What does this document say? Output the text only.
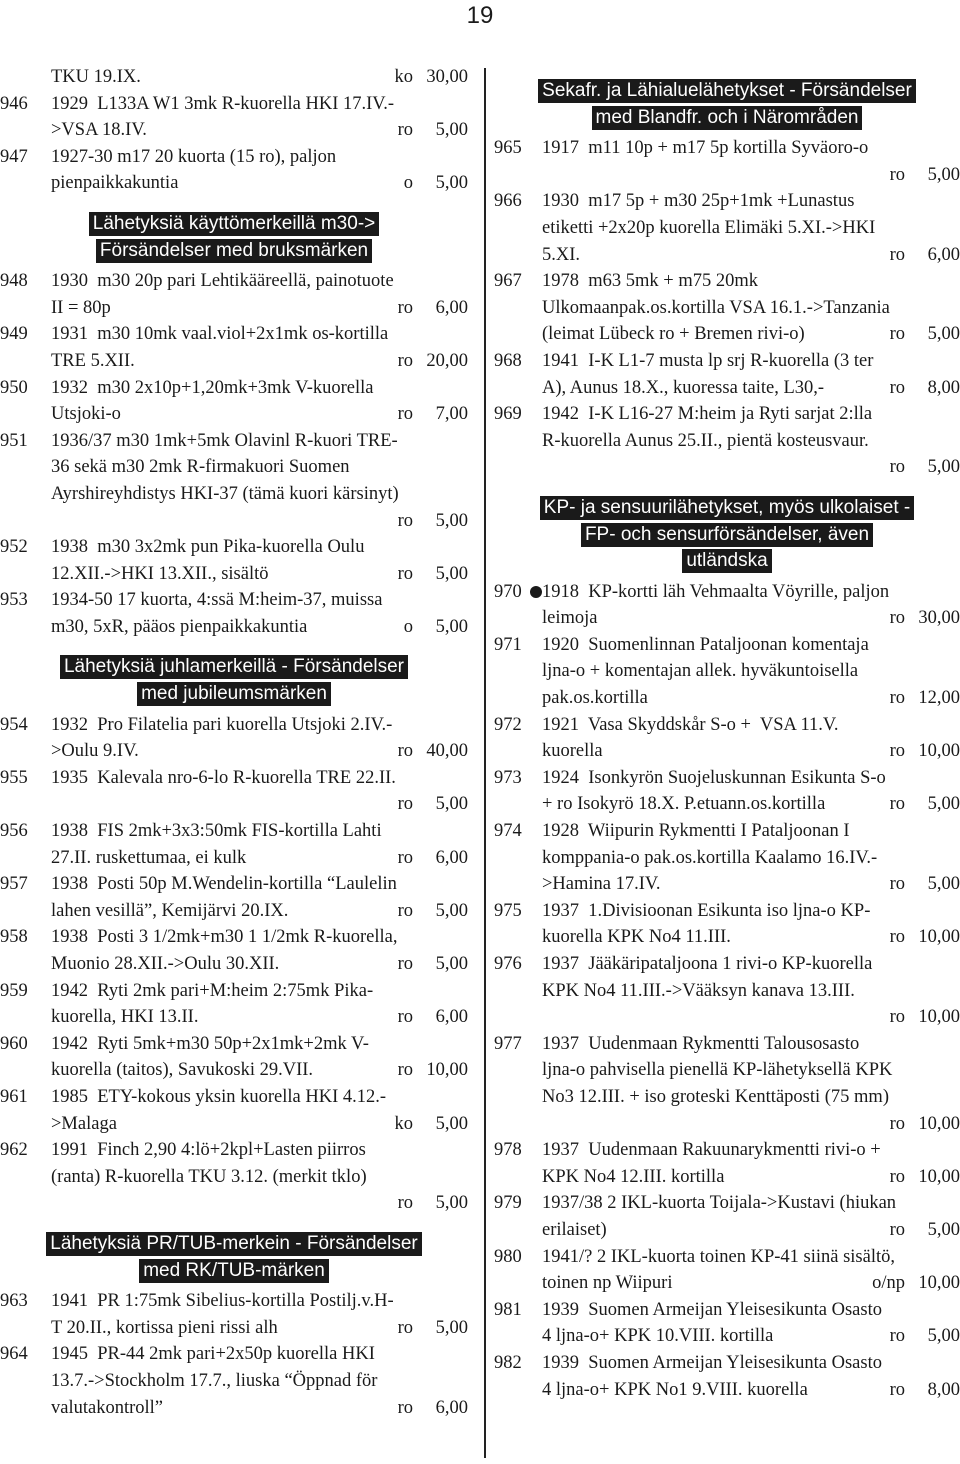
19
TKU 19.IX.	ko 30,00
946 1929  L133A W1 3mk R-kuorella HKI 17.IV.-
>VSA 18.IV.	ro 5,00
947 1927-30 m17 20 kuorta (15 ro), paljon
pienpaikkakuntia	o 5,00
Lähetyksiä käyttömerkeillä m30->
Försändelser med bruksmärken
948 1930  m30 20p pari Lehtikääreellä, painotuote
II = 80p	ro 6,00
949 1931  m30 10mk vaal.viol+2x1mk os-kortilla
TRE 5.XII.	ro 20,00
950 1932  m30 2x10p+1,20mk+3mk V-kuorella
Utsjoki-o	ro 7,00
951 1936/37 m30 1mk+5mk Olavinl R-kuori TRE-
36 sekä m30 2mk R-firmakuori Suomen
Ayrshireyhdistys HKI-37 (tämä kuori kärsinyt)

ro 5,00
952 1938  m30 3x2mk pun Pika-kuorella Oulu
12.XII.->HKI 13.XII., sisältö	ro 5,00
953 1934-50 17 kuorta, 4:ssä M:heim-37, muissa
m30, 5xR, pääos pienpaikkakuntia	o 5,00
Lähetyksiä juhlamerkeillä - Försändelser
med jubileumsmärken
954 1932  Pro Filatelia pari kuorella Utsjoki 2.IV.-
>Oulu 9.IV.	ro 40,00
955 1935  Kalevala nro-6-lo R-kuorella TRE 22.II.

ro 5,00
956 1938  FIS 2mk+3x3:50mk FIS-kortilla Lahti
27.II. ruskettumaa, ei kulk	ro 6,00
957 1938  Posti 50p M.Wendelin-kortilla “Laulelin
lahen vesillä”, Kemijärvi 20.IX.	ro 5,00
958 1938  Posti 3 1/2mk+m30 1 1/2mk R-kuorella,
Muonio 28.XII.->Oulu 30.XII.	ro 5,00
959 1942  Ryti 2mk pari+M:heim 2:75mk Pika-
kuorella, HKI 13.II.	ro 6,00
960 1942  Ryti 5mk+m30 50p+2x1mk+2mk V-
kuorella (taitos), Savukoski 29.VII.	ro 10,00
961 1985  ETY-kokous yksin kuorella HKI 4.12.-
>Malaga	ko 5,00
962 1991  Finch 2,90 4:lö+2kpl+Lasten piirros
(ranta) R-kuorella TKU 3.12. (merkit tklo)

ro 5,00
Lähetyksiä PR/TUB-merkein - Försändelser
med RK/TUB-märken
963 1941  PR 1:75mk Sibelius-kortilla Postilj.v.H-
T 20.II., kortissa pieni rissi alh	ro 5,00
964 1945  PR-44 2mk pari+2x50p kuorella HKI
13.7.->Stockholm 17.7., liuska “Öppnad för
valutakontroll”	ro 6,00
Sekafr. ja Lähialuelähetykset - Försändelser
med Blandfr. och i Närområden
965 1917  m11 10p + m17 5p kortilla Syväoro-o

ro 5,00
966 1930  m17 5p + m30 25p+1mk +Lunastus
etiketti +2x20p kuorella Elimäki 5.XI.->HKI
5.XI.	ro 6,00
967 1978  m63 5mk + m75 20mk
Ulkomaanpak.os.kortilla VSA 16.1.->Tanzania
(leimat Lübeck ro + Bremen rivi-o)	ro 5,00
968 1941  I-K L1-7 musta lp srj R-kuorella (3 ter
A), Aunus 18.X., kuoressa taite, L30,-	ro 8,00
969 1942  I-K L16-27 M:heim ja Ryti sarjat 2:lla
R-kuorella Aunus 25.II., pientä kosteusvaur.

ro 5,00
KP- ja sensuurilähetykset, myös ulkolaiset -
FP- och sensurförsändelser, även
utländska
970 1918  KP-kortti läh Vehmaalta Vöyrille, paljon
leimoja	ro 30,00
971 1920  Suomenlinnan Pataljoonan komentaja
ljna-o + komentajan allek. hyväkuntoisella
pak.os.kortilla	ro 12,00
972 1921  Vasa Skyddskår S-o +  VSA 11.V.
kuorella	ro 10,00
973 1924  Isonkyrön Suojeluskunnan Esikunta S-o
+ ro Isokyrö 18.X. P.etuann.os.kortilla	ro 5,00
974 1928  Wiipurin Rykmentti I Pataljoonan I
komppania-o pak.os.kortilla Kaalamo 16.IV.-
>Hamina 17.IV.	ro 5,00
975 1937  1.Divisioonan Esikunta iso ljna-o KP-
kuorella KPK No4 11.III.	ro 10,00
976 1937  Jääkäripataljoona 1 rivi-o KP-kuorella
KPK No4 11.III.->Vääksyn kanava 13.III.

ro 10,00
977 1937  Uudenmaan Rykmentti Talousosasto
ljna-o pahvisella pienellä KP-lähetyksellä KPK
No3 12.III. + iso groteski Kenttäposti (75 mm)

ro 10,00
978 1937  Uudenmaan Rakuunarykmentti rivi-o +
KPK No4 12.III. kortilla	ro 10,00
979 1937/38 2 IKL-kuorta Toijala->Kustavi (hiukan
erilaiset)	ro 5,00
980 1941/? 2 IKL-kuorta toinen KP-41 siinä sisältö,
toinen np Wiipuri	o/np 10,00
981 1939  Suomen Armeijan Yleisesikunta Osasto
4 ljna-o+ KPK 10.VIII. kortilla	ro 5,00
982 1939  Suomen Armeijan Yleisesikunta Osasto
4 ljna-o+ KPK No1 9.VIII. kuorella	ro 8,00
